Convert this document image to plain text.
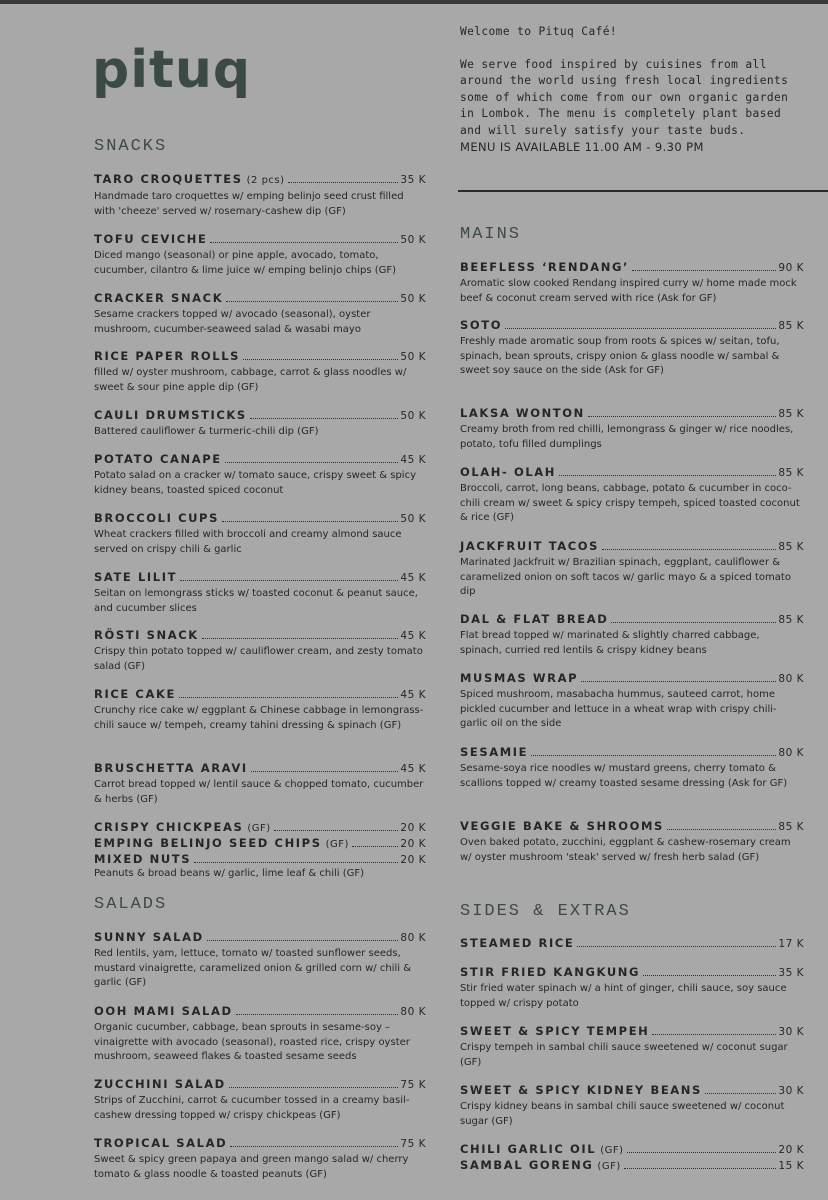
pituq

Welcome to Pituq Café!

We serve food inspired by cuisines from all around the world using fresh local ingredients some of which come from our own organic garden in Lombok. The menu is completely plant based and will surely satisfy your taste buds.

MENU IS AVAILABLE 11.00 AM - 9.30 PM

SNACKS
SALADS
MAINS
SIDES & EXTRAS
TARO CROQUETTES (2 pcs)	35 K
Handmade taro croquettes w/ emping belinjo seed crust filled with 'cheeze' served w/ rosemary-cashew dip (GF)
TOFU CEVICHE	50 K
Diced mango (seasonal) or pine apple, avocado, tomato, cucumber, cilantro & lime juice w/ emping belinjo chips (GF)
CRACKER SNACK	50 K
Sesame crackers topped w/ avocado (seasonal), oyster mushroom, cucumber-seaweed salad & wasabi mayo
RICE PAPER ROLLS	50 K
filled w/ oyster mushroom, cabbage, carrot & glass noodles w/ sweet & sour pine apple dip (GF)
CAULI DRUMSTICKS	50 K
Battered cauliflower & turmeric-chili dip (GF)
POTATO CANAPE	45 K
Potato salad on a cracker w/ tomato sauce, crispy sweet & spicy kidney beans, toasted spiced coconut
BROCCOLI CUPS	50 K
Wheat crackers filled with broccoli and creamy almond sauce served on crispy chili & garlic
SATE LILIT	45 K
Seitan on lemongrass sticks w/ toasted coconut & peanut sauce, and cucumber slices
RÖSTI SNACK	45 K
Crispy thin potato topped w/ cauliflower cream, and zesty tomato salad (GF)
RICE CAKE	45 K
Crunchy rice cake w/ eggplant & Chinese cabbage in lemongrass-chili sauce w/ tempeh, creamy tahini dressing & spinach (GF)
BRUSCHETTA ARAVI	45 K
Carrot bread topped w/ lentil sauce & chopped tomato, cucumber & herbs (GF)
CRISPY CHICKPEAS (GF)	20 K
EMPING BELINJO SEED CHIPS (GF)	20 K
MIXED NUTS	20 K
Peanuts & broad beans w/ garlic, lime leaf & chili (GF)
SUNNY SALAD	80 K
Red lentils, yam, lettuce, tomato w/ toasted sunflower seeds, mustard vinaigrette, caramelized onion & grilled corn w/ chili & garlic (GF)
OOH MAMI SALAD	80 K
Organic cucumber, cabbage, bean sprouts in sesame-soy – vinaigrette with avocado (seasonal), roasted rice, crispy oyster mushroom, seaweed flakes & toasted sesame seeds
ZUCCHINI SALAD	75 K
Strips of Zucchini, carrot & cucumber tossed in a creamy basil-cashew dressing topped w/ crispy chickpeas (GF)
TROPICAL SALAD	75 K
Sweet & spicy green papaya and green mango salad w/ cherry tomato & glass noodle & toasted peanuts (GF)
BEEFLESS ‘RENDANG’	90 K
Aromatic slow cooked Rendang inspired curry w/ home made mock beef & coconut cream served with rice (Ask for GF)
SOTO	85 K
Freshly made aromatic soup from roots & spices w/ seitan, tofu, spinach, bean sprouts, crispy onion & glass noodle w/ sambal & sweet soy sauce on the side (Ask for GF)
LAKSA WONTON	85 K
Creamy broth from red chilli, lemongrass & ginger w/ rice noodles, potato, tofu filled dumplings
OLAH- OLAH	85 K
Broccoli, carrot, long beans, cabbage, potato & cucumber in coco-chili cream w/ sweet & spicy crispy tempeh, spiced toasted coconut & rice (GF)
JACKFRUIT TACOS	85 K
Marinated Jackfruit w/ Brazilian spinach, eggplant, cauliflower & caramelized onion on soft tacos w/ garlic mayo & a spiced tomato dip
DAL & FLAT BREAD	85 K
Flat bread topped w/ marinated & slightly charred cabbage, spinach, curried red lentils & crispy kidney beans
MUSMAS WRAP	80 K
Spiced mushroom, masabacha hummus, sauteed carrot, home pickled cucumber and lettuce in a wheat wrap with crispy chili-garlic oil on the side
SESAMIE	80 K
Sesame-soya rice noodles w/ mustard greens, cherry tomato & scallions topped w/ creamy toasted sesame dressing (Ask for GF)
VEGGIE BAKE & SHROOMS	85 K
Oven baked potato, zucchini, eggplant & cashew-rosemary cream w/ oyster mushroom 'steak' served w/ fresh herb salad (GF)
STEAMED RICE	17 K
STIR FRIED KANGKUNG	35 K
Stir fried water spinach w/ a hint of ginger, chili sauce, soy sauce topped w/ crispy potato
SWEET & SPICY TEMPEH	30 K
Crispy tempeh in sambal chili sauce sweetened w/ coconut sugar (GF)
SWEET & SPICY KIDNEY BEANS	30 K
Crispy kidney beans in sambal chili sauce sweetened w/ coconut sugar (GF)
CHILI GARLIC OIL (GF)	20 K
SAMBAL GORENG (GF)	15 K
